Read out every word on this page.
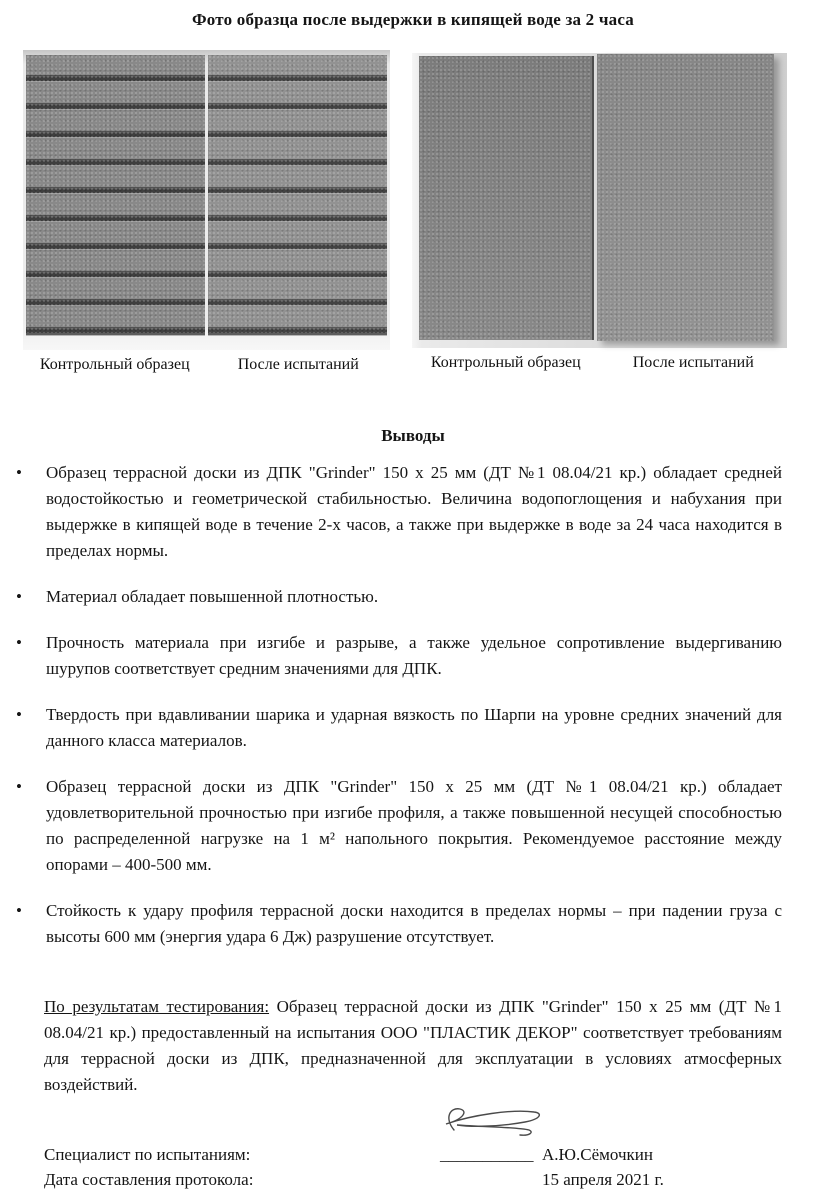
Фото образца после выдержки в кипящей воде за 2 часа
Контрольный образец	После испытаний	Контрольный образец	После испытаний
Выводы
• Образец террасной доски из ДПК "Grinder" 150 х 25 мм (ДТ №1 08.04/21 кр.) обладает средней водостойкостью и геометрической стабильностью. Величина водопоглощения и набухания при выдержке в кипящей воде в течение 2-х часов, а также при выдержке в воде за 24 часа находится в пределах нормы.
• Материал обладает повышенной плотностью.
• Прочность материала при изгибе и разрыве, а также удельное сопротивление выдергиванию шурупов соответствует средним значениями для ДПК.
• Твердость при вдавливании шарика и ударная вязкость по Шарпи на уровне средних значений для данного класса материалов.
• Образец террасной доски из ДПК "Grinder" 150 х 25 мм (ДТ №1 08.04/21 кр.) обладает удовлетворительной прочностью при изгибе профиля, а также повышенной несущей способностью по распределенной нагрузке на 1 м² напольного покрытия. Рекомендуемое расстояние между опорами – 400-500 мм.
• Стойкость к удару профиля террасной доски находится в пределах нормы – при падении груза с высоты 600 мм (энергия удара 6 Дж) разрушение отсутствует.
По результатам тестирования: Образец террасной доски из ДПК "Grinder" 150 х 25 мм (ДТ №1 08.04/21 кр.) предоставленный на испытания ООО "ПЛАСТИК ДЕКОР" соответствует требованиям для террасной доски из ДПК, предназначенной для эксплуатации в условиях атмосферных воздействий.
Специалист по испытаниям:	___________ А.Ю.Сёмочкин
Дата составления протокола:	15 апреля 2021 г.
